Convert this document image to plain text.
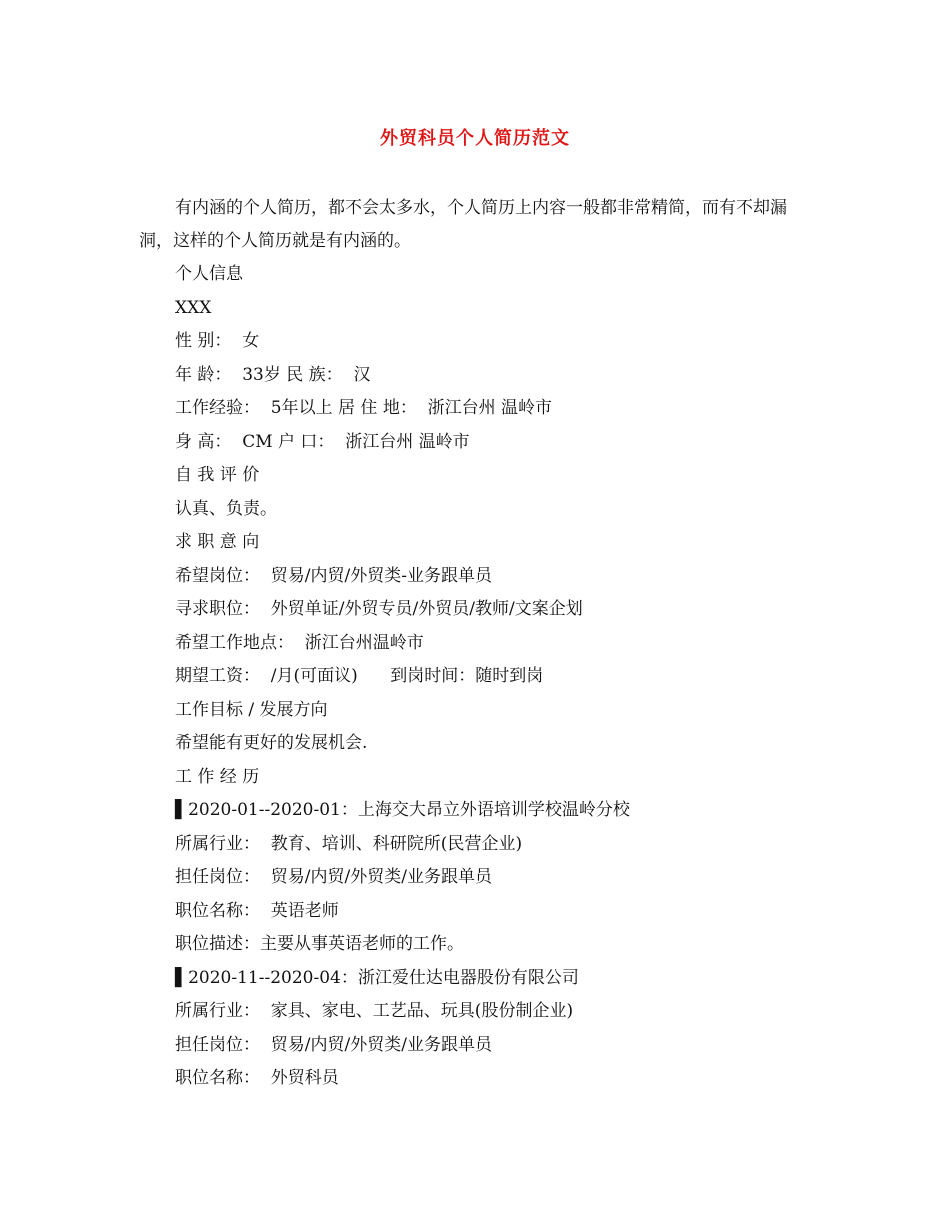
外贸科员个人简历范文
有内涵的个人简历，都不会太多水，个人简历上内容一般都非常精简，而有不却漏洞，这样的个人简历就是有内涵的。
个人信息
XXX
性 别：  女
年 龄：  33岁 民 族：  汉
工作经验：  5年以上 居 住 地：  浙江台州 温岭市
身 高：  CM 户 口：  浙江台州 温岭市
自 我 评 价
认真、负责。
求 职 意 向
希望岗位：  贸易/内贸/外贸类-业务跟单员
寻求职位：  外贸单证/外贸专员/外贸员/教师/文案企划
希望工作地点：  浙江台州温岭市
期望工资：  /月(可面议)      到岗时间：随时到岗
工作目标 / 发展方向
希望能有更好的发展机会.
工 作 经 历
▌2020-01--2020-01：上海交大昂立外语培训学校温岭分校
所属行业：  教育、培训、科研院所(民营企业)
担任岗位：  贸易/内贸/外贸类/业务跟单员
职位名称：  英语老师
职位描述：主要从事英语老师的工作。
▌2020-11--2020-04：浙江爱仕达电器股份有限公司
所属行业：  家具、家电、工艺品、玩具(股份制企业)
担任岗位：  贸易/内贸/外贸类/业务跟单员
职位名称：  外贸科员
